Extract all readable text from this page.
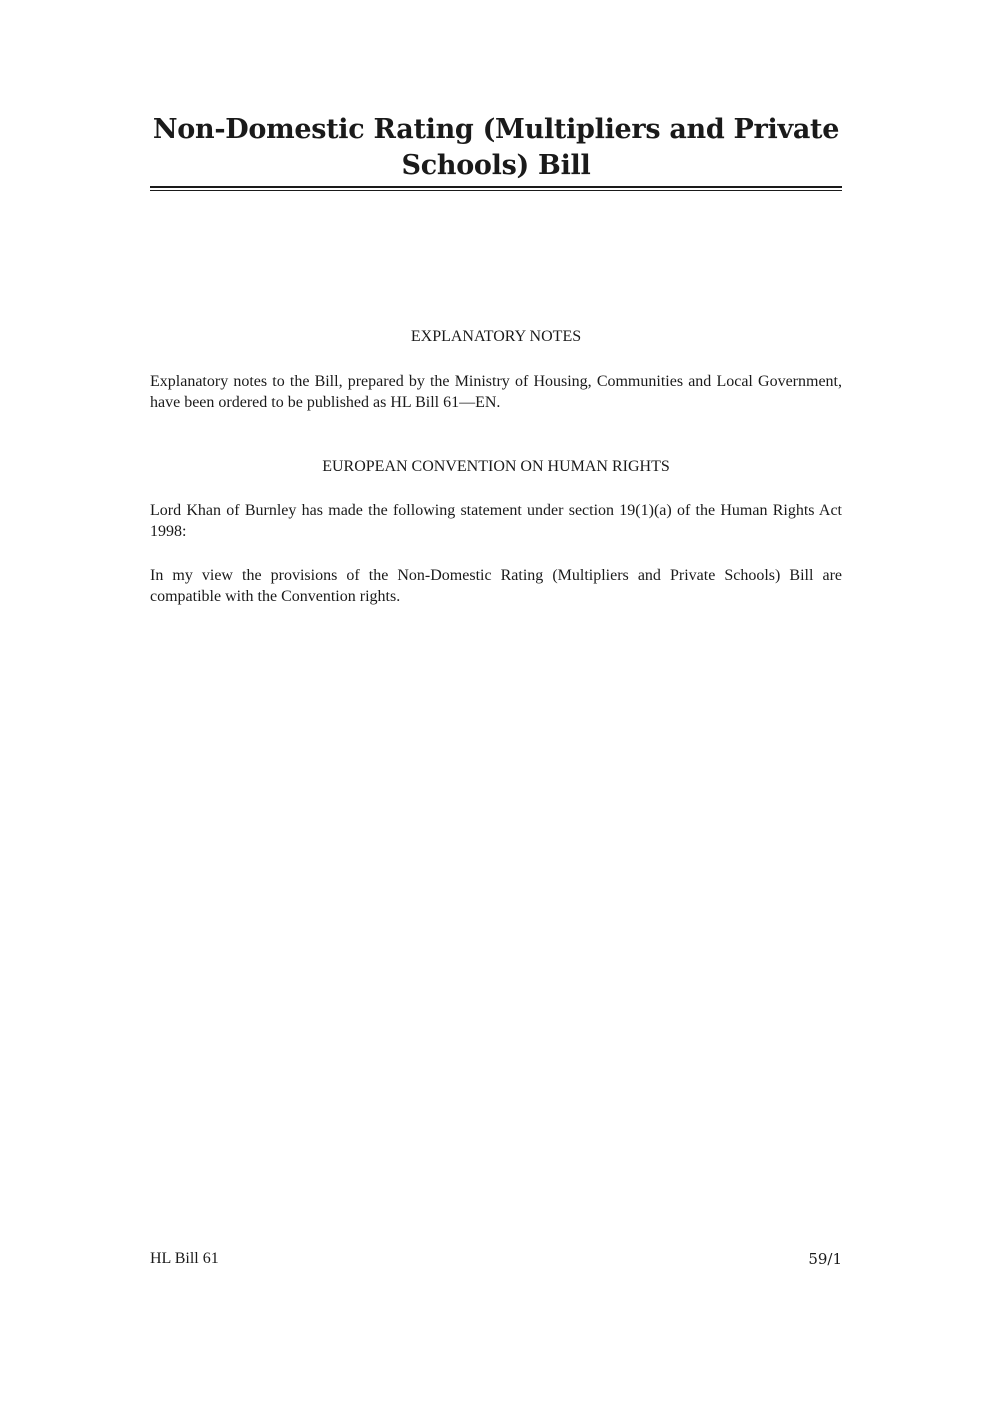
Non-Domestic Rating (Multipliers and Private Schools) Bill
EXPLANATORY NOTES

Explanatory notes to the Bill, prepared by the Ministry of Housing, Communities and Local Government, have been ordered to be published as HL Bill 61—EN.

EUROPEAN CONVENTION ON HUMAN RIGHTS

Lord Khan of Burnley has made the following statement under section 19(1)(a) of the Human Rights Act 1998:

In my view the provisions of the Non-Domestic Rating (Multipliers and Private Schools) Bill are compatible with the Convention rights.

HL Bill 61	59/1
